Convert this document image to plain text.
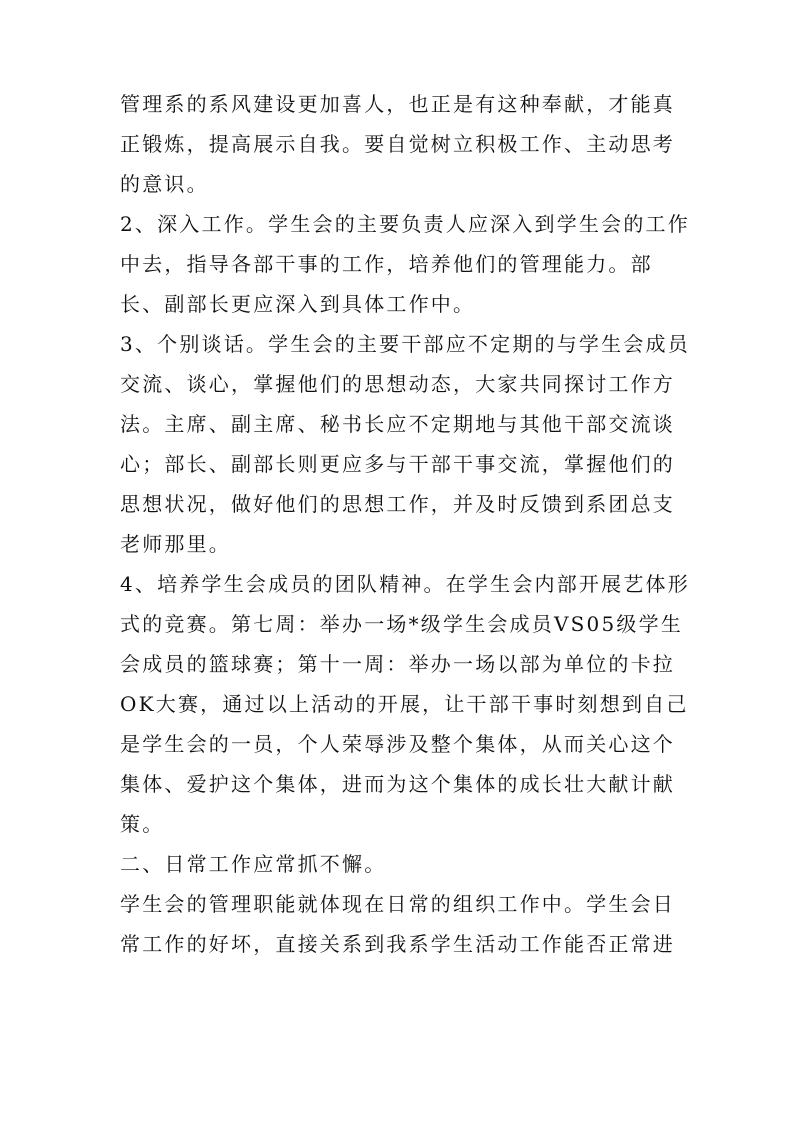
管理系的系风建设更加喜人，也正是有这种奉献，才能真
正锻炼，提高展示自我。要自觉树立积极工作、主动思考
的意识。
2、深入工作。学生会的主要负责人应深入到学生会的工作
中去，指导各部干事的工作，培养他们的管理能力。部
长、副部长更应深入到具体工作中。
3、个别谈话。学生会的主要干部应不定期的与学生会成员
交流、谈心，掌握他们的思想动态，大家共同探讨工作方
法。主席、副主席、秘书长应不定期地与其他干部交流谈
心；部长、副部长则更应多与干部干事交流，掌握他们的
思想状况，做好他们的思想工作，并及时反馈到系团总支
老师那里。
4、培养学生会成员的团队精神。在学生会内部开展艺体形
式的竞赛。第七周：举办一场*级学生会成员VS05级学生
会成员的篮球赛；第十一周：举办一场以部为单位的卡拉
OK大赛，通过以上活动的开展，让干部干事时刻想到自己
是学生会的一员，个人荣辱涉及整个集体，从而关心这个
集体、爱护这个集体，进而为这个集体的成长壮大献计献
策。
二、日常工作应常抓不懈。
学生会的管理职能就体现在日常的组织工作中。学生会日
常工作的好坏，直接关系到我系学生活动工作能否正常进
